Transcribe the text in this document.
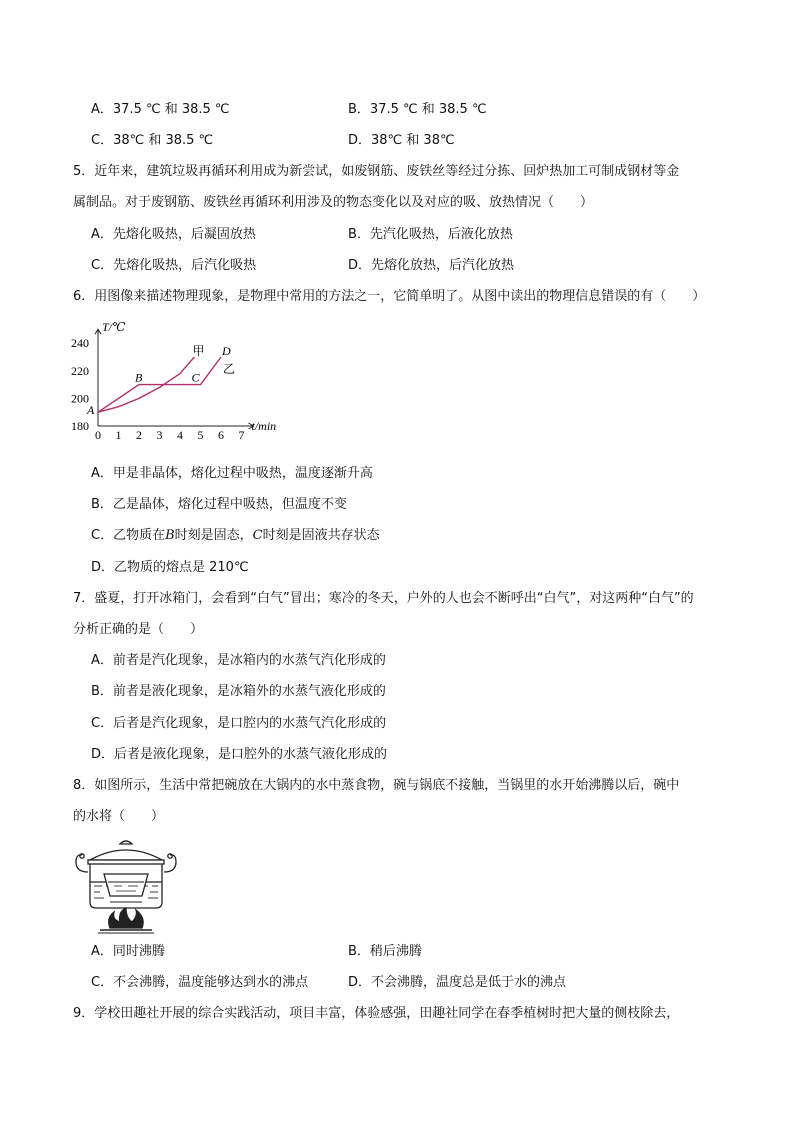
A．37.5 ℃ 和 38.5 ℃	B．37.5 ℃ 和 38.5 ℃
C．38℃ 和 38.5 ℃	D．38℃ 和 38℃
5．近年来，建筑垃圾再循环利用成为新尝试，如废钢筋、废铁丝等经过分拣、回炉热加工可制成钢材等金
属制品。对于废钢筋、废铁丝再循环利用涉及的物态变化以及对应的吸、放热情况（　　）
A．先熔化吸热，后凝固放热	B．先汽化吸热，后液化放热
C．先熔化吸热，后汽化吸热	D．先熔化放热，后汽化放热
6．用图像来描述物理现象，是物理中常用的方法之一，它简单明了。从图中读出的物理信息错误的有（　　）
0 1 2 3 4 5 6 7
180
200
220
240
t/min
T/℃
甲
乙
A
B	C
D
A．甲是非晶体，熔化过程中吸热，温度逐渐升高
B．乙是晶体，熔化过程中吸热，但温度不变
C．乙物质在B时刻是固态，C时刻是固液共存状态
D．乙物质的熔点是 210℃
7．盛夏，打开冰箱门，会看到“白气”冒出；寒冷的冬天，户外的人也会不断呼出“白气”，对这两种“白气”的
分析正确的是（　　）
A．前者是汽化现象，是冰箱内的水蒸气汽化形成的
B．前者是液化现象，是冰箱外的水蒸气液化形成的
C．后者是汽化现象，是口腔内的水蒸气汽化形成的
D．后者是液化现象，是口腔外的水蒸气液化形成的
8．如图所示，生活中常把碗放在大锅内的水中蒸食物，碗与锅底不接触，当锅里的水开始沸腾以后，碗中
的水将（　　）
A．同时沸腾	B．稍后沸腾
C．不会沸腾，温度能够达到水的沸点	D．不会沸腾，温度总是低于水的沸点
9．学校田趣社开展的综合实践活动，项目丰富，体验感强，田趣社同学在春季植树时把大量的侧枝除去，
